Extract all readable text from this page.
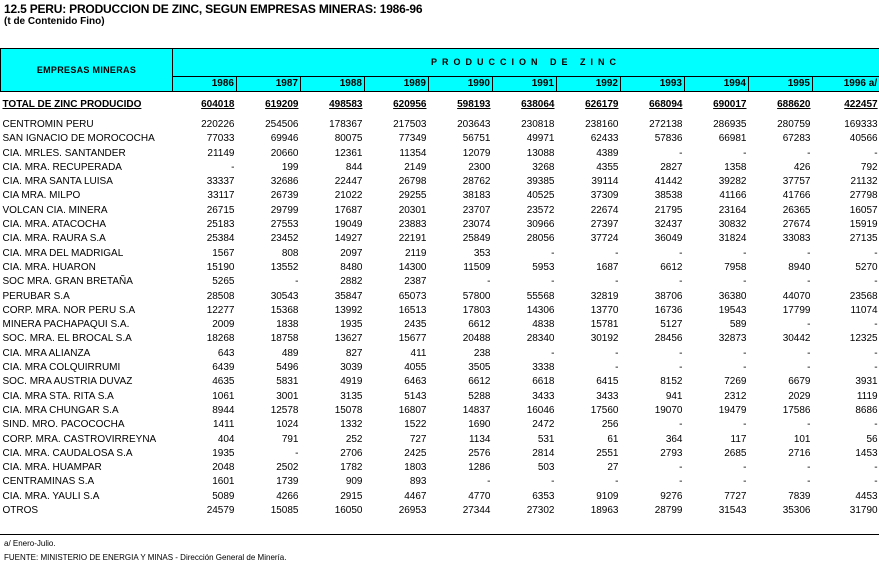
12.5 PERU: PRODUCCION DE ZINC, SEGUN EMPRESAS MINERAS: 1986-96
(t de Contenido Fino)
EMPRESAS MINERAS	PRODUCCION DE ZINC										
	1986	1987	1988	1989	1990	1991	1992	1993	1994	1995	1996 a/

TOTAL DE ZINC PRODUCIDO	604018	619209	498583	620956	598193	638064	626179	668094	690017	688620	422457

CENTROMIN PERU	220226	254506	178367	217503	203643	230818	238160	272138	286935	280759	169333
SAN IGNACIO DE MOROCOCHA	77033	69946	80075	77349	56751	49971	62433	57836	66981	67283	40566
CIA. MRLES. SANTANDER	21149	20660	12361	11354	12079	13088	4389	-	-	-	-
CIA. MRA. RECUPERADA	-	199	844	2149	2300	3268	4355	2827	1358	426	792
CIA. MRA SANTA LUISA	33337	32686	22447	26798	28762	39385	39114	41442	39282	37757	21132
CIA MRA. MILPO	33117	26739	21022	29255	38183	40525	37309	38538	41166	41766	27798
VOLCAN CIA. MINERA	26715	29799	17687	20301	23707	23572	22674	21795	23164	26365	16057
CIA. MRA. ATACOCHA	25183	27553	19049	23883	23074	30966	27397	32437	30832	27674	15919
CIA. MRA. RAURA S.A	25384	23452	14927	22191	25849	28056	37724	36049	31824	33083	27135
CIA. MRA DEL MADRIGAL	1567	808	2097	2119	353	-	-	-	-	-	-
CIA. MRA. HUARON	15190	13552	8480	14300	11509	5953	1687	6612	7958	8940	5270
SOC MRA. GRAN BRETAÑA	5265	-	2882	2387	-	-	-	-	-	-	-
PERUBAR S.A	28508	30543	35847	65073	57800	55568	32819	38706	36380	44070	23568
CORP. MRA. NOR PERU S.A	12277	15368	13992	16513	17803	14306	13770	16736	19543	17799	11074
MINERA PACHAPAQUI S.A.	2009	1838	1935	2435	6612	4838	15781	5127	589	-	-
SOC. MRA. EL BROCAL S.A	18268	18758	13627	15677	20488	28340	30192	28456	32873	30442	12325
CIA. MRA ALIANZA	643	489	827	411	238	-	-	-	-	-	-
CIA. MRA COLQUIRRUMI	6439	5496	3039	4055	3505	3338	-	-	-	-	-
SOC. MRA AUSTRIA DUVAZ	4635	5831	4919	6463	6612	6618	6415	8152	7269	6679	3931
CIA. MRA STA. RITA S.A	1061	3001	3135	5143	5288	3433	3433	941	2312	2029	1119
CIA. MRA CHUNGAR S.A	8944	12578	15078	16807	14837	16046	17560	19070	19479	17586	8686
SIND. MRO. PACOCOCHA	1411	1024	1332	1522	1690	2472	256	-	-	-	-
CORP. MRA. CASTROVIRREYNA	404	791	252	727	1134	531	61	364	117	101	56
CIA. MRA. CAUDALOSA S.A	1935	-	2706	2425	2576	2814	2551	2793	2685	2716	1453
CIA. MRA. HUAMPAR	2048	2502	1782	1803	1286	503	27	-	-	-	-
CENTRAMINAS S.A	1601	1739	909	893	-	-	-	-	-	-	-
CIA. MRA. YAULI S.A	5089	4266	2915	4467	4770	6353	9109	9276	7727	7839	4453
OTROS	24579	15085	16050	26953	27344	27302	18963	28799	31543	35306	31790
a/ Enero-Julio.
FUENTE: MINISTERIO DE ENERGIA Y MINAS - Dirección General de Minería.
